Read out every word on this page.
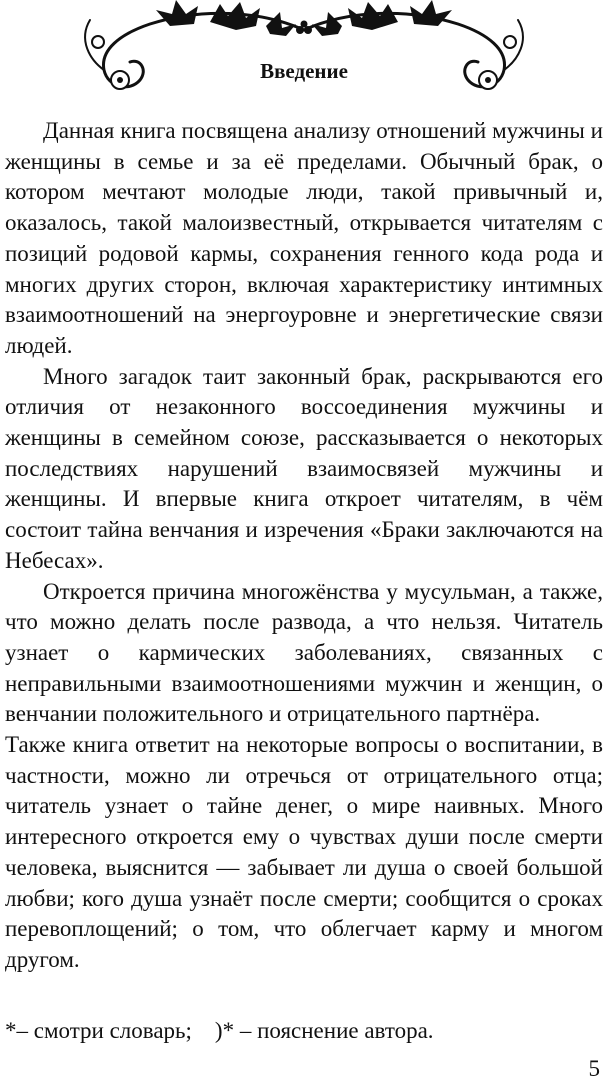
Введение

Данная книга посвящена анализу отношений мужчины и женщины в семье и за её пределами. Обычный брак, о котором мечтают молодые люди, такой привычный и, оказалось, такой малоизвестный, открывается читателям с позиций родовой кармы, сохранения генного кода рода и многих других сторон, включая характеристику интимных взаимоотношений на энергоуровне и энергетические связи людей.

Много загадок таит законный брак, раскрываются его отличия от незаконного воссоединения мужчины и женщины в семейном союзе, рассказывается о некоторых последствиях нарушений взаимосвязей мужчины и женщины. И впервые книга откроет читателям, в чём состоит тайна венчания и изречения «Браки заключаются на Небесах».

Откроется причина многожёнства у мусульман, а также, что можно делать после развода, а что нельзя. Читатель узнает о кармических заболеваниях, связанных с неправильными взаимоотношениями мужчин и женщин, о венчании положительного и отрицательного партнёра.

Также книга ответит на некоторые вопросы о воспитании, в частности, можно ли отречься от отрицательного отца; читатель узнает о тайне денег, о мире наивных. Много интересного откроется ему о чувствах души после смерти человека, выяснится — забывает ли душа о своей большой любви; кого душа узнаёт после смерти; сообщится о сроках перевоплощений; о том, что облегчает карму и многом другом.

*– смотри словарь;    )* – пояснение автора.
5
